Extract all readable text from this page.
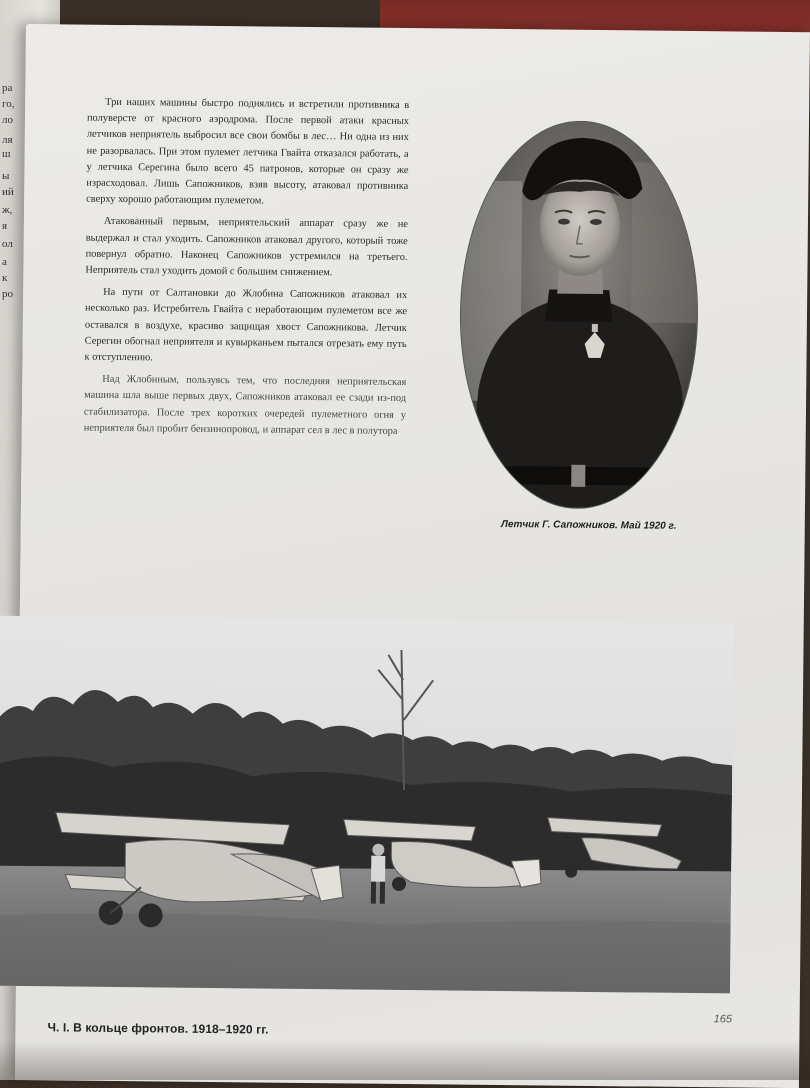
ра
го,
ло
ля
ш
ы
ий
ж,
я
ол
а
к
ро

Три наших машины быстро поднялись и встретили противника в полуверсте от красного аэродрома. После первой атаки красных летчиков неприятель выбросил все свои бомбы в лес… Ни одна из них не разорвалась. При этом пулемет летчика Гвайта отказался работать, а у летчика Серегина было всего 45 патронов, которые он сразу же израсходовал. Лишь Сапожников, взяв высоту, атаковал противника сверху хорошо работающим пулеметом.

Атакованный первым, неприятельский аппарат сразу же не выдержал и стал уходить. Сапожников атаковал другого, который тоже повернул обратно. Наконец Сапожников устремился на третьего. Неприятель стал уходить домой с большим снижением.

На пути от Салтановки до Жлобина Сапожников атаковал их несколько раз. Истребитель Гвайта с неработающим пулеметом все же оставался в воздухе, красиво защищая хвост Сапожникова. Летчик Серегин обогнал неприятеля и кувырканьем пытался отрезать ему путь к отступлению.

Над Жлобиным, пользуясь тем, что последняя неприятельская машина шла выше первых двух, Сапожников атаковал ее сзади из-под стабилизатора. После трех коротких очередей пулеметного огня у неприятеля был пробит бензинопровод, и аппарат сел в лес в полутора

Летчик Г. Сапожников. Май 1920 г.
Ч. I. В кольце фронтов. 1918–1920 гг.
165
